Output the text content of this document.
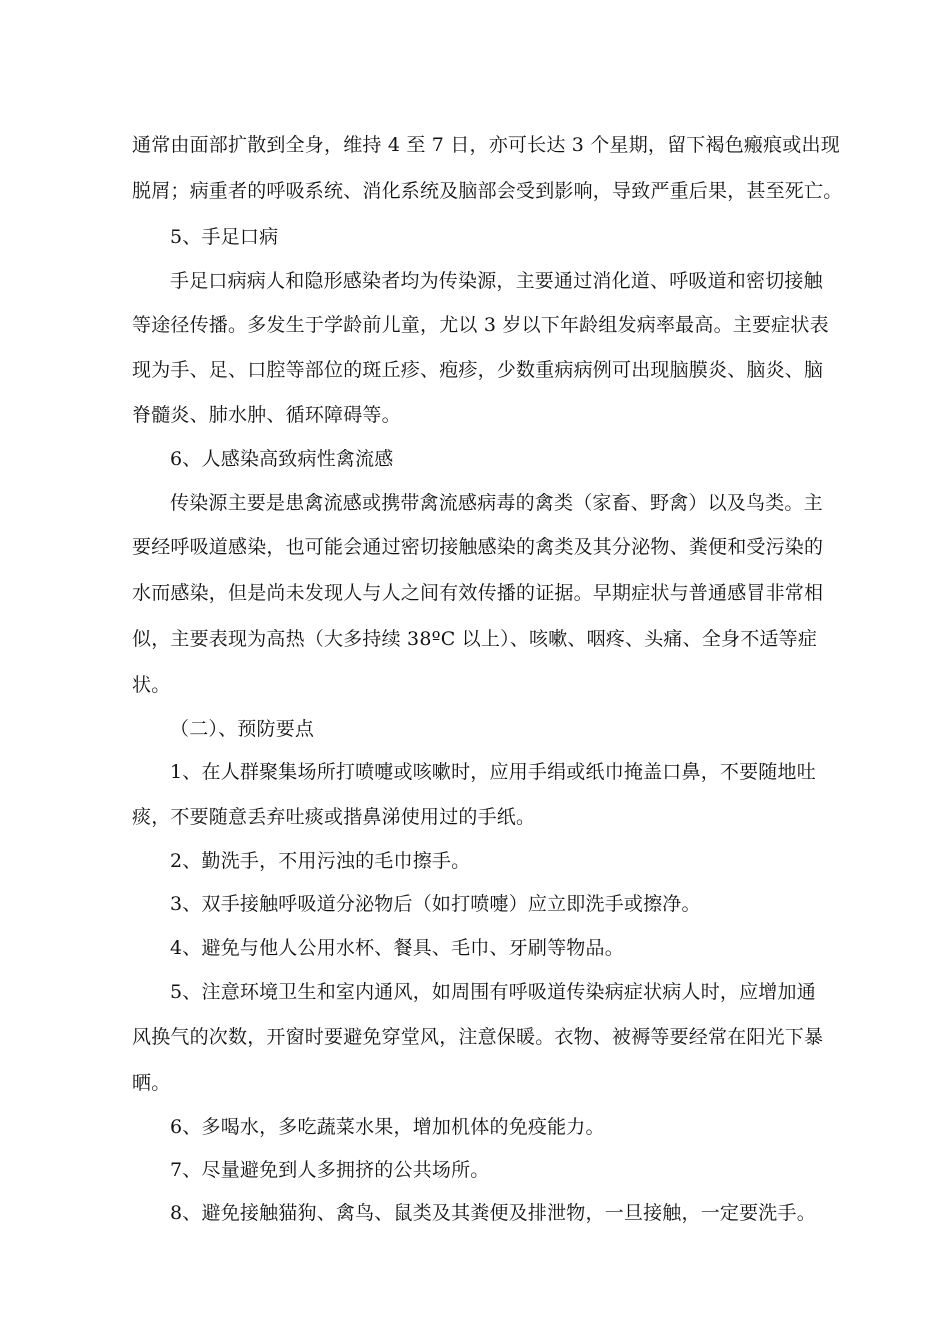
通常由面部扩散到全身，维持 4 至 7 日，亦可长达 3 个星期，留下褐色瘢痕或出现
脱屑；病重者的呼吸系统、消化系统及脑部会受到影响，导致严重后果，甚至死亡。
5、手足口病
手足口病病人和隐形感染者均为传染源，主要通过消化道、呼吸道和密切接触
等途径传播。多发生于学龄前儿童，尤以 3 岁以下年龄组发病率最高。主要症状表
现为手、足、口腔等部位的斑丘疹、疱疹，少数重病病例可出现脑膜炎、脑炎、脑
脊髓炎、肺水肿、循环障碍等。
6、人感染高致病性禽流感
传染源主要是患禽流感或携带禽流感病毒的禽类（家畜、野禽）以及鸟类。主
要经呼吸道感染，也可能会通过密切接触感染的禽类及其分泌物、粪便和受污染的
水而感染，但是尚未发现人与人之间有效传播的证据。早期症状与普通感冒非常相
似，主要表现为高热（大多持续 38ºC 以上）、咳嗽、咽疼、头痛、全身不适等症
状。
（二）、预防要点
1、在人群聚集场所打喷嚏或咳嗽时，应用手绢或纸巾掩盖口鼻，不要随地吐
痰，不要随意丢弃吐痰或揩鼻涕使用过的手纸。
2、勤洗手，不用污浊的毛巾擦手。
3、双手接触呼吸道分泌物后（如打喷嚏）应立即洗手或擦净。
4、避免与他人公用水杯、餐具、毛巾、牙刷等物品。
5、注意环境卫生和室内通风，如周围有呼吸道传染病症状病人时，应增加通
风换气的次数，开窗时要避免穿堂风，注意保暖。衣物、被褥等要经常在阳光下暴
晒。
6、多喝水，多吃蔬菜水果，增加机体的免疫能力。
7、尽量避免到人多拥挤的公共场所。
8、避免接触猫狗、禽鸟、鼠类及其粪便及排泄物，一旦接触，一定要洗手。
